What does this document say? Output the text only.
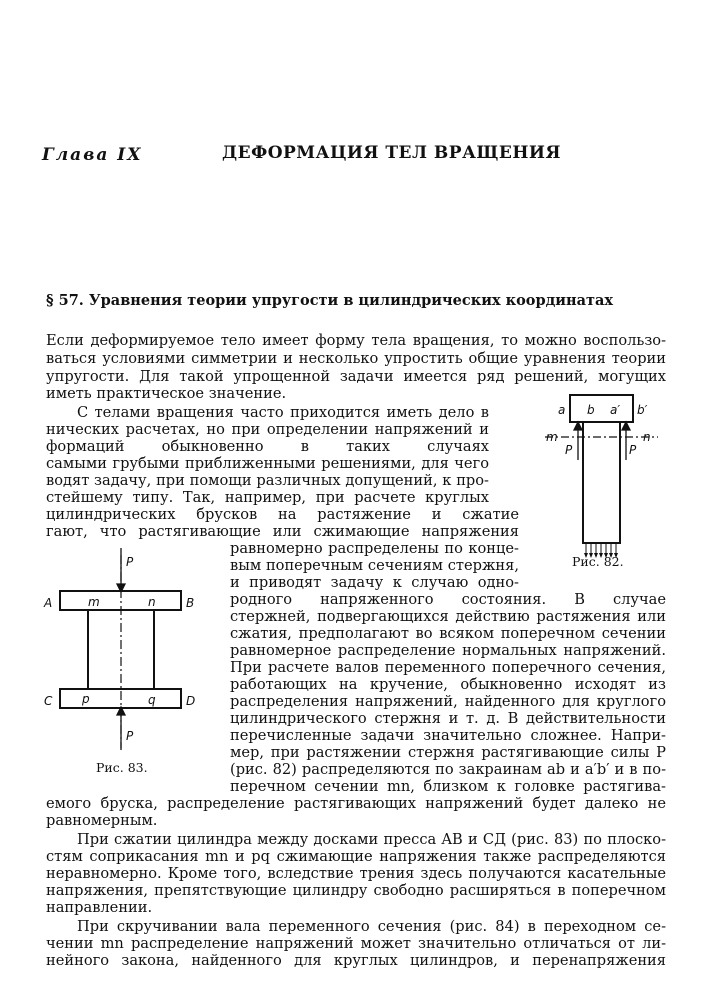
Глава IX	ДЕФОРМАЦИЯ ТЕЛ ВРАЩЕНИЯ
§ 57. Уравнения теории упругости в цилиндрических координатах
Если деформируемое тело имеет форму тела вращения, то можно воспользо-
ваться условиями симметрии и несколько упростить общие уравнения теории
упругости. Для такой упрощенной задачи имеется ряд решений, могущих
иметь практическое значение.
С телами вращения часто приходится иметь дело в
нических расчетах, но при определении напряжений и
формаций обыкновенно в таких случаях
самыми грубыми приближенными решениями, для чего
водят задачу, при помощи различных допущений, к про-
стейшему типу. Так, например, при расчете круглых
цилиндрических брусков на растяжение и сжатие
гают, что растягивающие или сжимающие напряжения
равномерно распределены по конце-
вым поперечным сечениям стержня,
и приводят задачу к случаю одно-
родного напряженного состояния. В случае
стержней, подвергающихся действию растяжения или
сжатия, предполагают во всяком поперечном сечении
равномерное распределение нормальных напряжений.
При расчете валов переменного поперечного сечения,
работающих на кручение, обыкновенно исходят из
распределения напряжений, найденного для круглого
цилиндрического стержня и т. д. В действительности
перечисленные задачи значительно сложнее. Напри-
мер, при растяжении стержня растягивающие силы P
(рис. 82) распределяются по закраинам ab и a′b′ и в по-
перечном сечении mn, близком к головке растягива-
емого бруска, распределение растягивающих напряжений будет далеко не
равномерным.
При сжатии цилиндра между досками пресса AB и СД (рис. 83) по плоско-
стям соприкасания mn и pq сжимающие напряжения также распределяются
неравномерно. Кроме того, вследствие трения здесь получаются касательные
напряжения, препятствующие цилиндру свободно расширяться в поперечном
направлении.
При скручивании вала переменного сечения (рис. 84) в переходном се-
чении mn распределение напряжений может значительно отличаться от ли-
нейного закона, найденного для круглых цилиндров, и перенапряжения
a b a′ b′
m	n
P	P
Рис. 82.
P
A	m	n	B
C p	q	D
P
Рис. 83.
